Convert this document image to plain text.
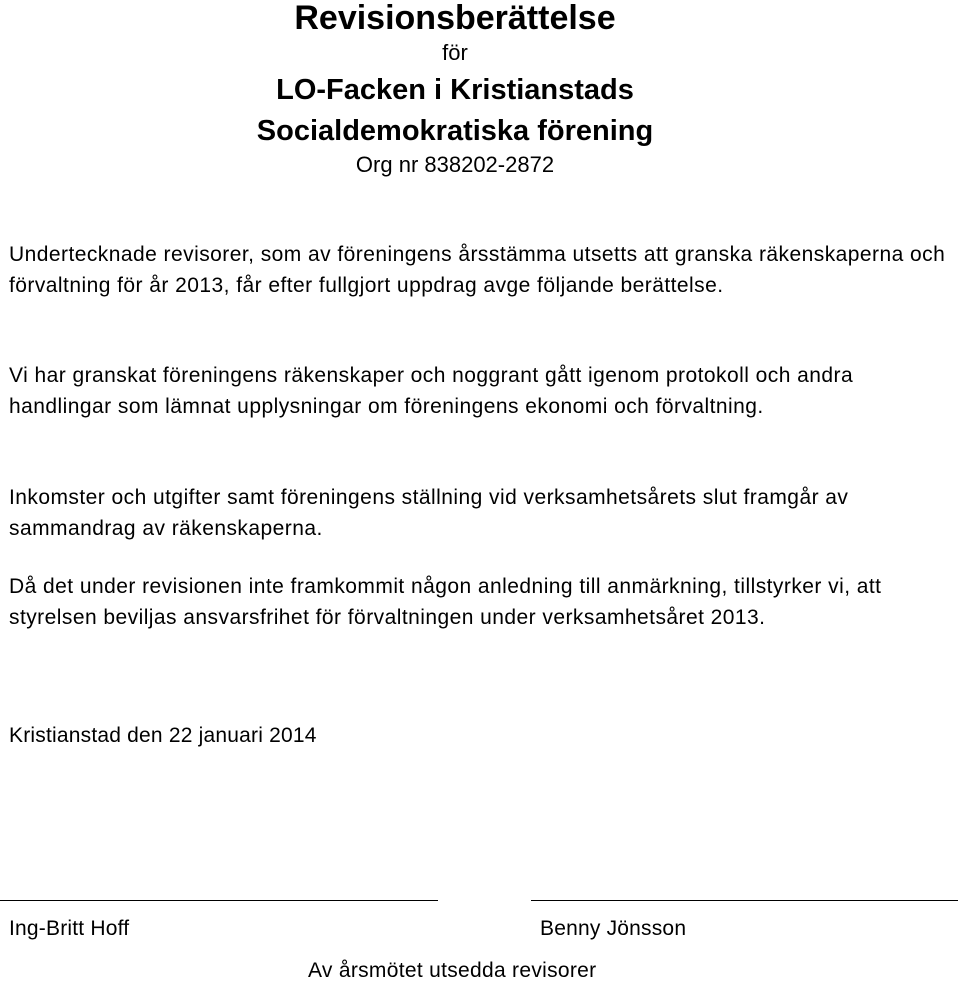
Revisionsberättelse
för
LO-Facken i Kristianstads
Socialdemokratiska förening
Org nr 838202-2872

Undertecknade revisorer, som av föreningens årsstämma utsetts att granska räkenskaperna och förvaltning för år 2013, får efter fullgjort uppdrag avge följande berättelse.

Vi har granskat föreningens räkenskaper och noggrant gått igenom protokoll och andra handlingar som lämnat upplysningar om föreningens ekonomi och förvaltning.

Inkomster och utgifter samt föreningens ställning vid verksamhetsårets slut framgår av sammandrag av räkenskaperna.

Då det under revisionen inte framkommit någon anledning till anmärkning, tillstyrker vi, att styrelsen beviljas ansvarsfrihet för förvaltningen under verksamhetsåret 2013.

Kristianstad den 22 januari 2014

Ing-Britt Hoff	Benny Jönsson
Av årsmötet utsedda revisorer
